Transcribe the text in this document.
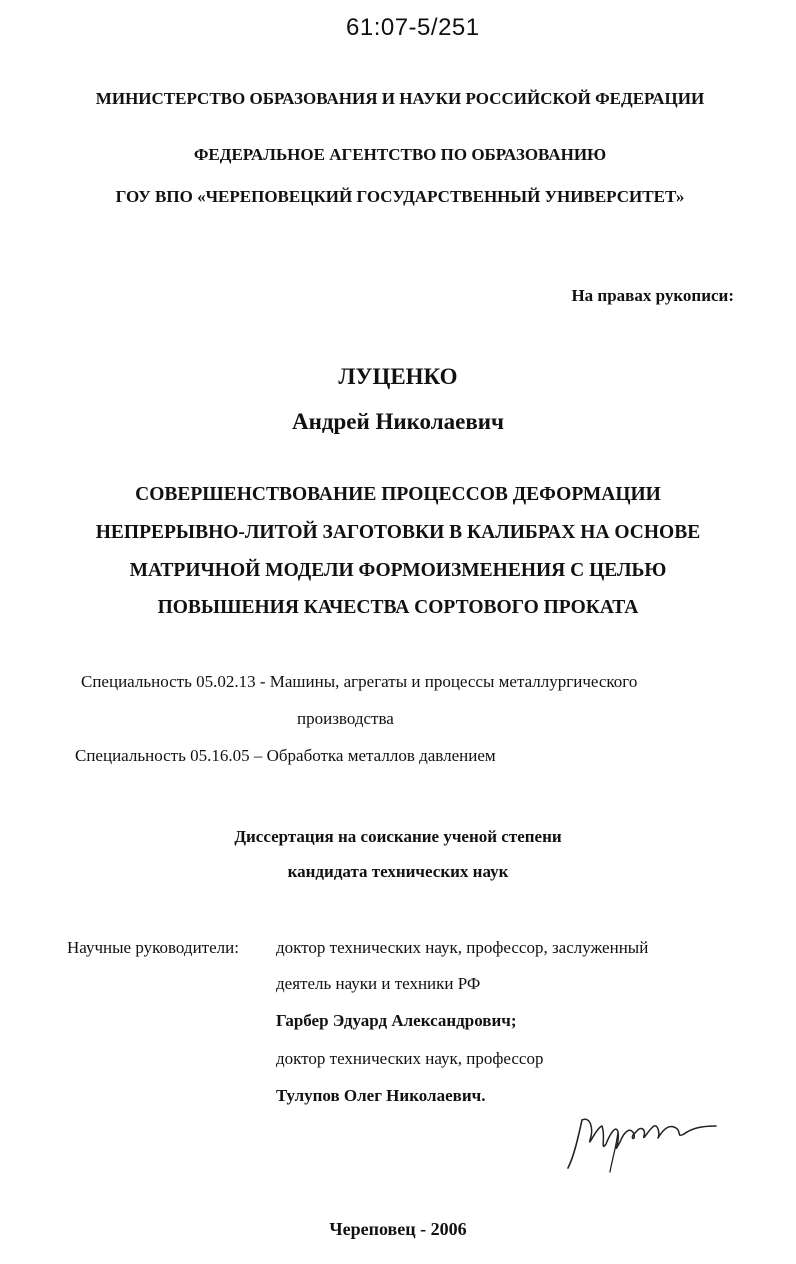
61:07-5/251
МИНИСТЕРСТВО ОБРАЗОВАНИЯ И НАУКИ РОССИЙСКОЙ ФЕДЕРАЦИИ
ФЕДЕРАЛЬНОЕ АГЕНТСТВО ПО ОБРАЗОВАНИЮ
ГОУ ВПО «ЧЕРЕПОВЕЦКИЙ ГОСУДАРСТВЕННЫЙ УНИВЕРСИТЕТ»
На правах рукописи:
ЛУЦЕНКО
Андрей Николаевич
СОВЕРШЕНСТВОВАНИЕ ПРОЦЕССОВ ДЕФОРМАЦИИ
НЕПРЕРЫВНО-ЛИТОЙ ЗАГОТОВКИ В КАЛИБРАХ НА ОСНОВЕ
МАТРИЧНОЙ МОДЕЛИ ФОРМОИЗМЕНЕНИЯ С ЦЕЛЬЮ
ПОВЫШЕНИЯ КАЧЕСТВА СОРТОВОГО ПРОКАТА
Специальность 05.02.13 - Машины, агрегаты и процессы металлургического
производства
Специальность 05.16.05 – Обработка металлов давлением
Диссертация на соискание ученой степени
кандидата технических наук
Научные руководители: доктор технических наук, профессор, заслуженный
деятель науки и техники РФ
Гарбер Эдуард Александрович;
доктор технических наук, профессор
Тулупов Олег Николаевич.
Череповец - 2006
